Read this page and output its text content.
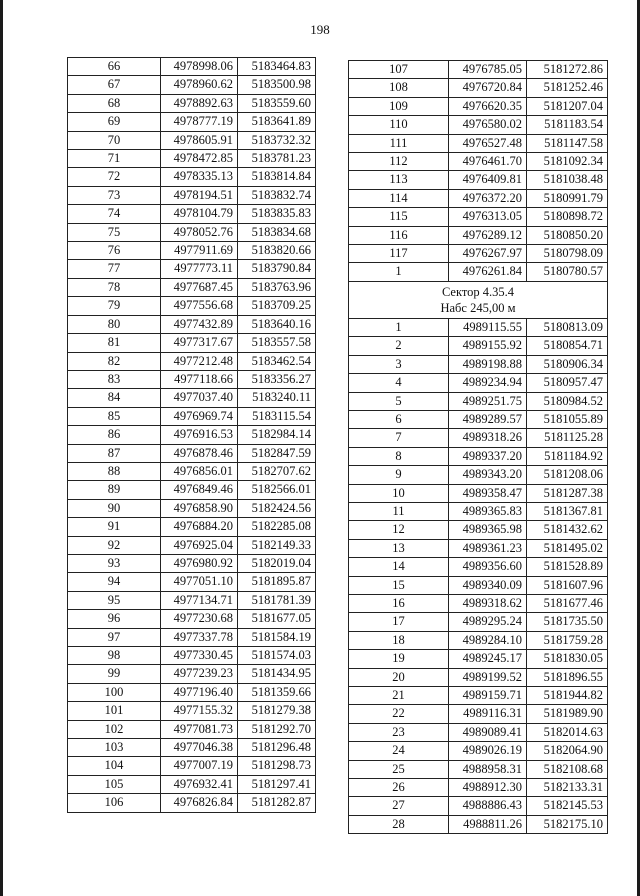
198
66	4978998.06	5183464.83
67	4978960.62	5183500.98
68	4978892.63	5183559.60
69	4978777.19	5183641.89
70	4978605.91	5183732.32
71	4978472.85	5183781.23
72	4978335.13	5183814.84
73	4978194.51	5183832.74
74	4978104.79	5183835.83
75	4978052.76	5183834.68
76	4977911.69	5183820.66
77	4977773.11	5183790.84
78	4977687.45	5183763.96
79	4977556.68	5183709.25
80	4977432.89	5183640.16
81	4977317.67	5183557.58
82	4977212.48	5183462.54
83	4977118.66	5183356.27
84	4977037.40	5183240.11
85	4976969.74	5183115.54
86	4976916.53	5182984.14
87	4976878.46	5182847.59
88	4976856.01	5182707.62
89	4976849.46	5182566.01
90	4976858.90	5182424.56
91	4976884.20	5182285.08
92	4976925.04	5182149.33
93	4976980.92	5182019.04
94	4977051.10	5181895.87
95	4977134.71	5181781.39
96	4977230.68	5181677.05
97	4977337.78	5181584.19
98	4977330.45	5181574.03
99	4977239.23	5181434.95
100	4977196.40	5181359.66
101	4977155.32	5181279.38
102	4977081.73	5181292.70
103	4977046.38	5181296.48
104	4977007.19	5181298.73
105	4976932.41	5181297.41
106	4976826.84	5181282.87
107	4976785.05	5181272.86
108	4976720.84	5181252.46
109	4976620.35	5181207.04
110	4976580.02	5181183.54
111	4976527.48	5181147.58
112	4976461.70	5181092.34
113	4976409.81	5181038.48
114	4976372.20	5180991.79
115	4976313.05	5180898.72
116	4976289.12	5180850.20
117	4976267.97	5180798.09
1	4976261.84	5180780.57

Сектор 4.35.4
Набс 245,00 м		

1	4989115.55	5180813.09
2	4989155.92	5180854.71
3	4989198.88	5180906.34
4	4989234.94	5180957.47
5	4989251.75	5180984.52
6	4989289.57	5181055.89
7	4989318.26	5181125.28
8	4989337.20	5181184.92
9	4989343.20	5181208.06
10	4989358.47	5181287.38
11	4989365.83	5181367.81
12	4989365.98	5181432.62
13	4989361.23	5181495.02
14	4989356.60	5181528.89
15	4989340.09	5181607.96
16	4989318.62	5181677.46
17	4989295.24	5181735.50
18	4989284.10	5181759.28
19	4989245.17	5181830.05
20	4989199.52	5181896.55
21	4989159.71	5181944.82
22	4989116.31	5181989.90
23	4989089.41	5182014.63
24	4989026.19	5182064.90
25	4988958.31	5182108.68
26	4988912.30	5182133.31
27	4988886.43	5182145.53
28	4988811.26	5182175.10
